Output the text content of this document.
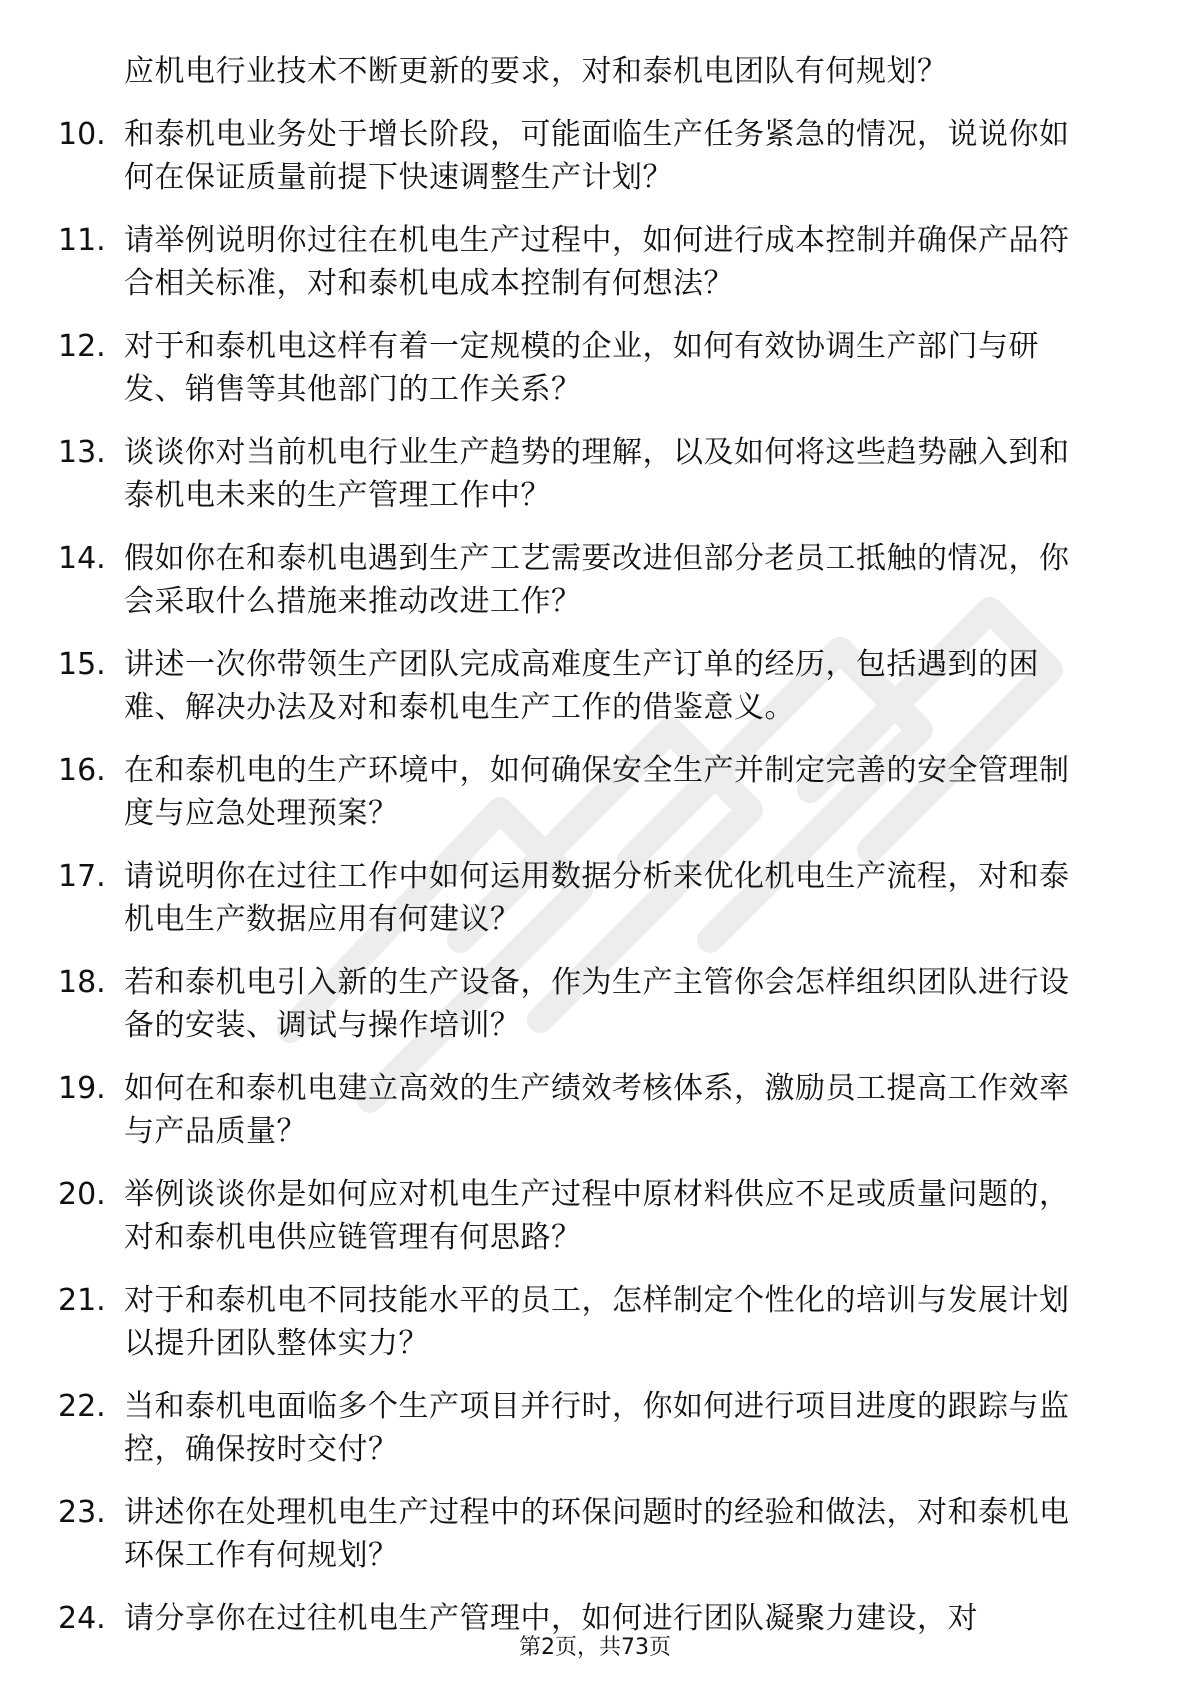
应机电行业技术不断更新的要求，对和泰机电团队有何规划？
10. 和泰机电业务处于增长阶段，可能面临生产任务紧急的情况，说说你如何在保证质量前提下快速调整生产计划？
11. 请举例说明你过往在机电生产过程中，如何进行成本控制并确保产品符合相关标准，对和泰机电成本控制有何想法？
12. 对于和泰机电这样有着一定规模的企业，如何有效协调生产部门与研发、销售等其他部门的工作关系？
13. 谈谈你对当前机电行业生产趋势的理解，以及如何将这些趋势融入到和泰机电未来的生产管理工作中？
14. 假如你在和泰机电遇到生产工艺需要改进但部分老员工抵触的情况，你会采取什么措施来推动改进工作？
15. 讲述一次你带领生产团队完成高难度生产订单的经历，包括遇到的困难、解决办法及对和泰机电生产工作的借鉴意义。
16. 在和泰机电的生产环境中，如何确保安全生产并制定完善的安全管理制度与应急处理预案？
17. 请说明你在过往工作中如何运用数据分析来优化机电生产流程，对和泰机电生产数据应用有何建议？
18. 若和泰机电引入新的生产设备，作为生产主管你会怎样组织团队进行设备的安装、调试与操作培训？
19. 如何在和泰机电建立高效的生产绩效考核体系，激励员工提高工作效率与产品质量？
20. 举例谈谈你是如何应对机电生产过程中原材料供应不足或质量问题的，对和泰机电供应链管理有何思路？
21. 对于和泰机电不同技能水平的员工，怎样制定个性化的培训与发展计划以提升团队整体实力？
22. 当和泰机电面临多个生产项目并行时，你如何进行项目进度的跟踪与监控，确保按时交付？
23. 讲述你在处理机电生产过程中的环保问题时的经验和做法，对和泰机电环保工作有何规划？
24. 请分享你在过往机电生产管理中，如何进行团队凝聚力建设，对
第2页，共73页
